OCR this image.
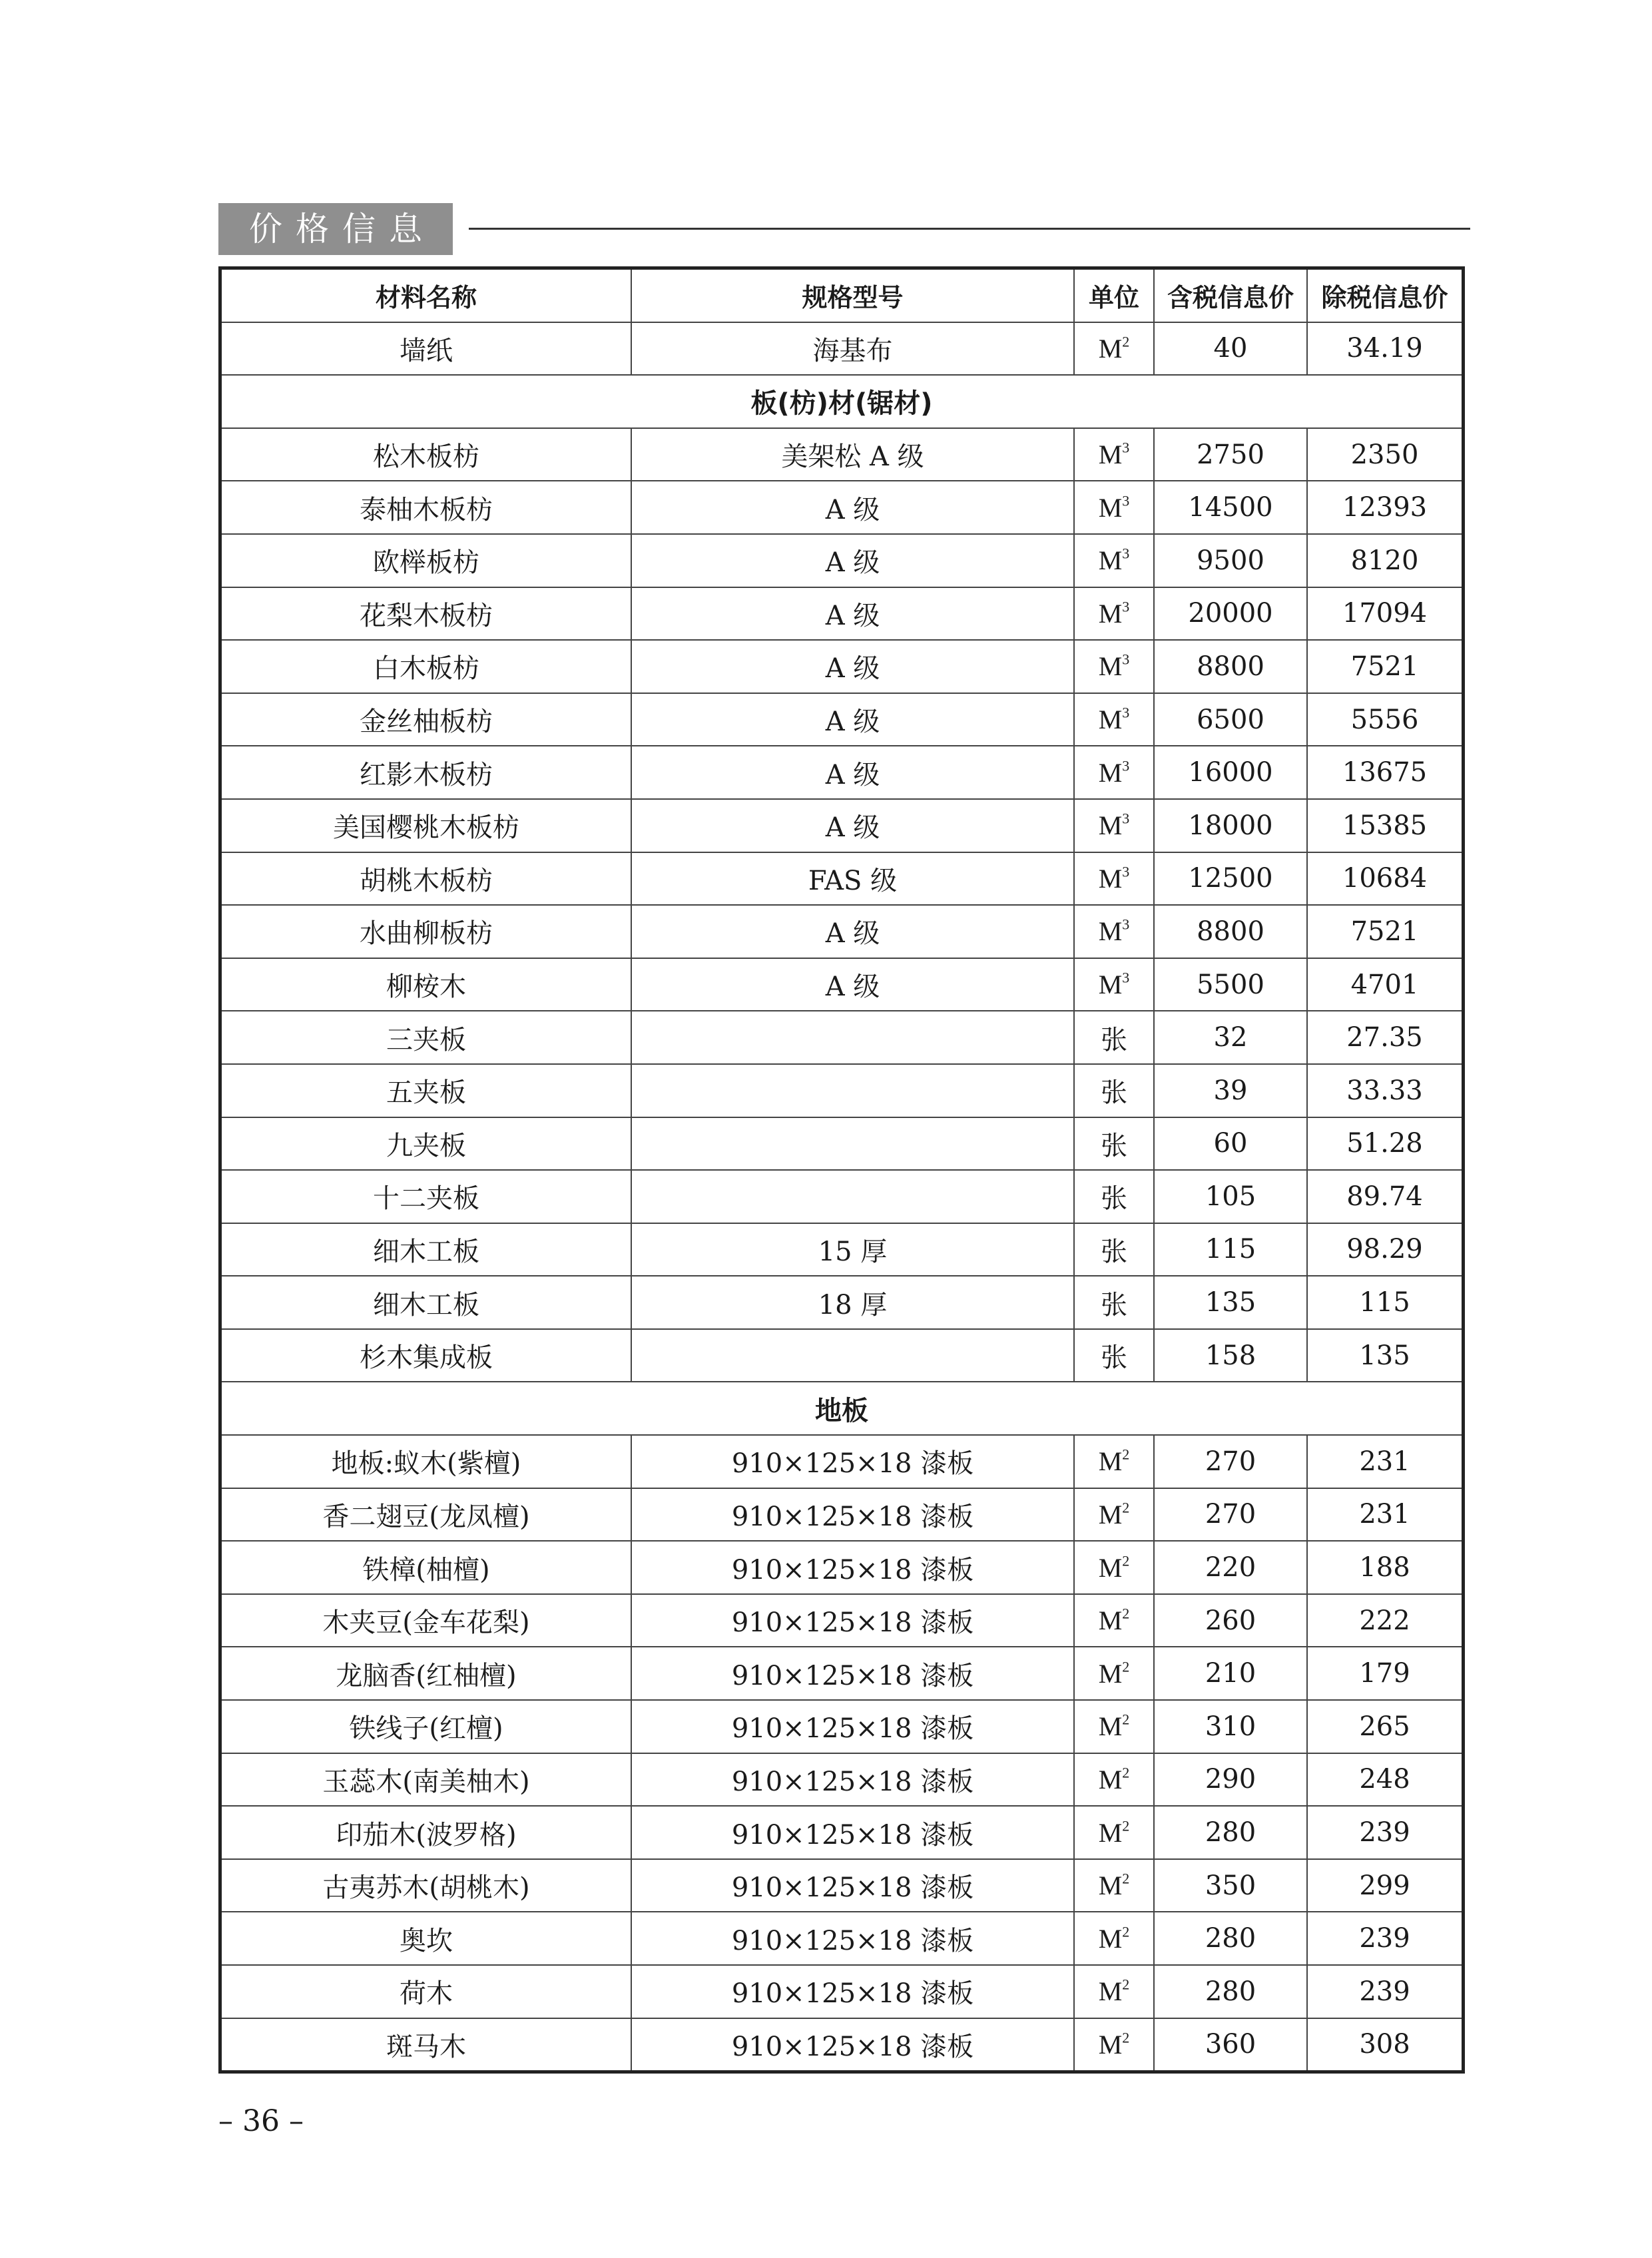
价格信息
材料名称	规格型号	单位	含税信息价	除税信息价
墙纸	海基布	$M^2$	40	34.19
板(枋)材(锯材)				
松木板枋	美架松 A 级	$M^3$	2750	2350
泰柚木板枋	A 级	$M^3$	14500	12393
欧榉板枋	A 级	$M^3$	9500	8120
花梨木板枋	A 级	$M^3$	20000	17094
白木板枋	A 级	$M^3$	8800	7521
金丝柚板枋	A 级	$M^3$	6500	5556
红影木板枋	A 级	$M^3$	16000	13675
美国樱桃木板枋	A 级	$M^3$	18000	15385
胡桃木板枋	FAS 级	$M^3$	12500	10684
水曲柳板枋	A 级	$M^3$	8800	7521
柳桉木	A 级	$M^3$	5500	4701
三夹板		张	32	27.35
五夹板		张	39	33.33
九夹板		张	60	51.28
十二夹板		张	105	89.74
细木工板	15 厚	张	115	98.29
细木工板	18 厚	张	135	115
杉木集成板		张	158	135
地板				
地板:蚁木(紫檀)	910×125×18 漆板	$M^2$	270	231
香二翅豆(龙凤檀)	910×125×18 漆板	$M^2$	270	231
铁樟(柚檀)	910×125×18 漆板	$M^2$	220	188
木夹豆(金车花梨)	910×125×18 漆板	$M^2$	260	222
龙脑香(红柚檀)	910×125×18 漆板	$M^2$	210	179
铁线子(红檀)	910×125×18 漆板	$M^2$	310	265
玉蕊木(南美柚木)	910×125×18 漆板	$M^2$	290	248
印茄木(波罗格)	910×125×18 漆板	$M^2$	280	239
古夷苏木(胡桃木)	910×125×18 漆板	$M^2$	350	299
奥坎	910×125×18 漆板	$M^2$	280	239
荷木	910×125×18 漆板	$M^2$	280	239
斑马木	910×125×18 漆板	$M^2$	360	308
– 36 –
